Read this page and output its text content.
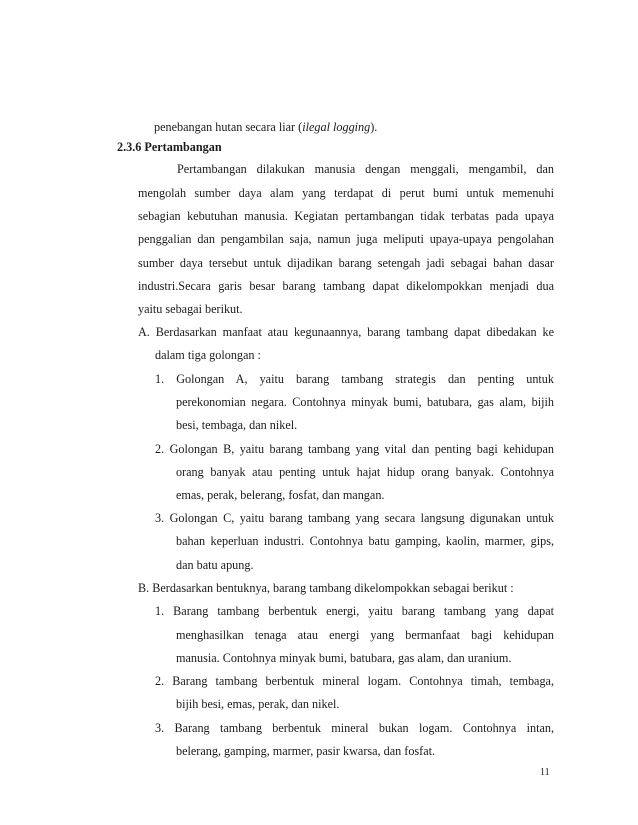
penebangan hutan secara liar (ilegal logging).
2.3.6 Pertambangan
Pertambangan dilakukan manusia dengan menggali, mengambil, dan
mengolah sumber daya alam yang terdapat di perut bumi untuk memenuhi
sebagian kebutuhan manusia. Kegiatan pertambangan tidak terbatas pada upaya
penggalian dan pengambilan saja, namun juga meliputi upaya-upaya pengolahan
sumber daya tersebut untuk dijadikan barang setengah jadi sebagai bahan dasar
industri.Secara garis besar barang tambang dapat dikelompokkan menjadi dua
yaitu sebagai berikut.
A. Berdasarkan manfaat atau kegunaannya, barang tambang dapat dibedakan ke
dalam tiga golongan :
1. Golongan A, yaitu barang tambang strategis dan penting untuk
perekonomian negara. Contohnya minyak bumi, batubara, gas alam, bijih
besi, tembaga, dan nikel.
2. Golongan B, yaitu barang tambang yang vital dan penting bagi kehidupan
orang banyak atau penting untuk hajat hidup orang banyak. Contohnya
emas, perak, belerang, fosfat, dan mangan.
3. Golongan C, yaitu barang tambang yang secara langsung digunakan untuk
bahan keperluan industri. Contohnya batu gamping, kaolin, marmer, gips,
dan batu apung.
B. Berdasarkan bentuknya, barang tambang dikelompokkan sebagai berikut :
1. Barang tambang berbentuk energi, yaitu barang tambang yang dapat
menghasilkan tenaga atau energi yang bermanfaat bagi kehidupan
manusia. Contohnya minyak bumi, batubara, gas alam, dan uranium.
2. Barang tambang berbentuk mineral logam. Contohnya timah, tembaga,
bijih besi, emas, perak, dan nikel.
3. Barang tambang berbentuk mineral bukan logam. Contohnya intan,
belerang, gamping, marmer, pasir kwarsa, dan fosfat.
11
